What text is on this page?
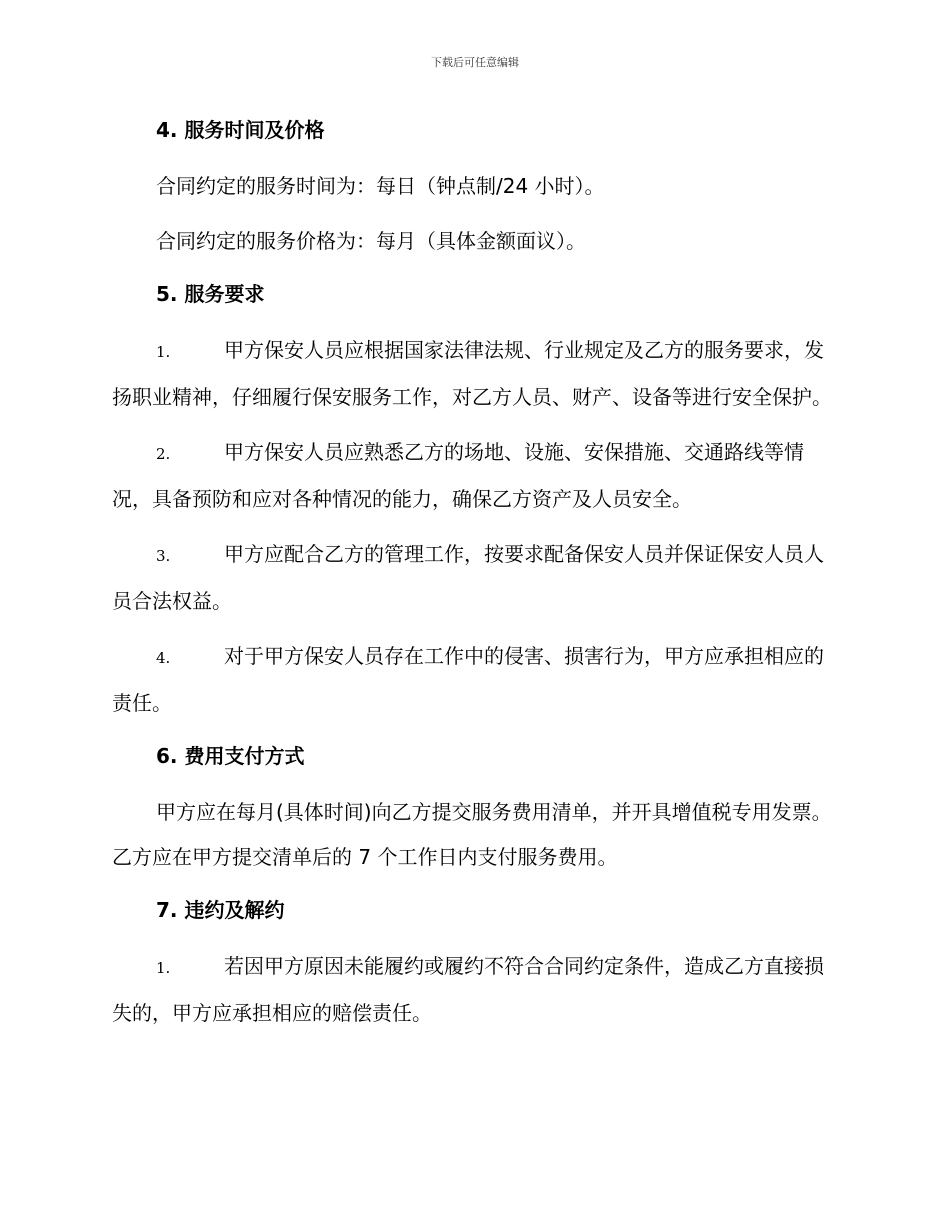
下载后可任意编辑
4. 服务时间及价格
合同约定的服务时间为：每日（钟点制/24 小时）。
合同约定的服务价格为：每月（具体金额面议）。
5. 服务要求
1.	甲方保安人员应根据国家法律法规、行业规定及乙方的服务要求，发扬职业精神，仔细履行保安服务工作，对乙方人员、财产、设备等进行安全保护。
2.	甲方保安人员应熟悉乙方的场地、设施、安保措施、交通路线等情况，具备预防和应对各种情况的能力，确保乙方资产及人员安全。
3.	甲方应配合乙方的管理工作，按要求配备保安人员并保证保安人员人员合法权益。
4.	对于甲方保安人员存在工作中的侵害、损害行为，甲方应承担相应的责任。
6. 费用支付方式
甲方应在每月(具体时间)向乙方提交服务费用清单，并开具增值税专用发票。乙方应在甲方提交清单后的 7 个工作日内支付服务费用。
7. 违约及解约
1.	若因甲方原因未能履约或履约不符合合同约定条件，造成乙方直接损失的，甲方应承担相应的赔偿责任。
